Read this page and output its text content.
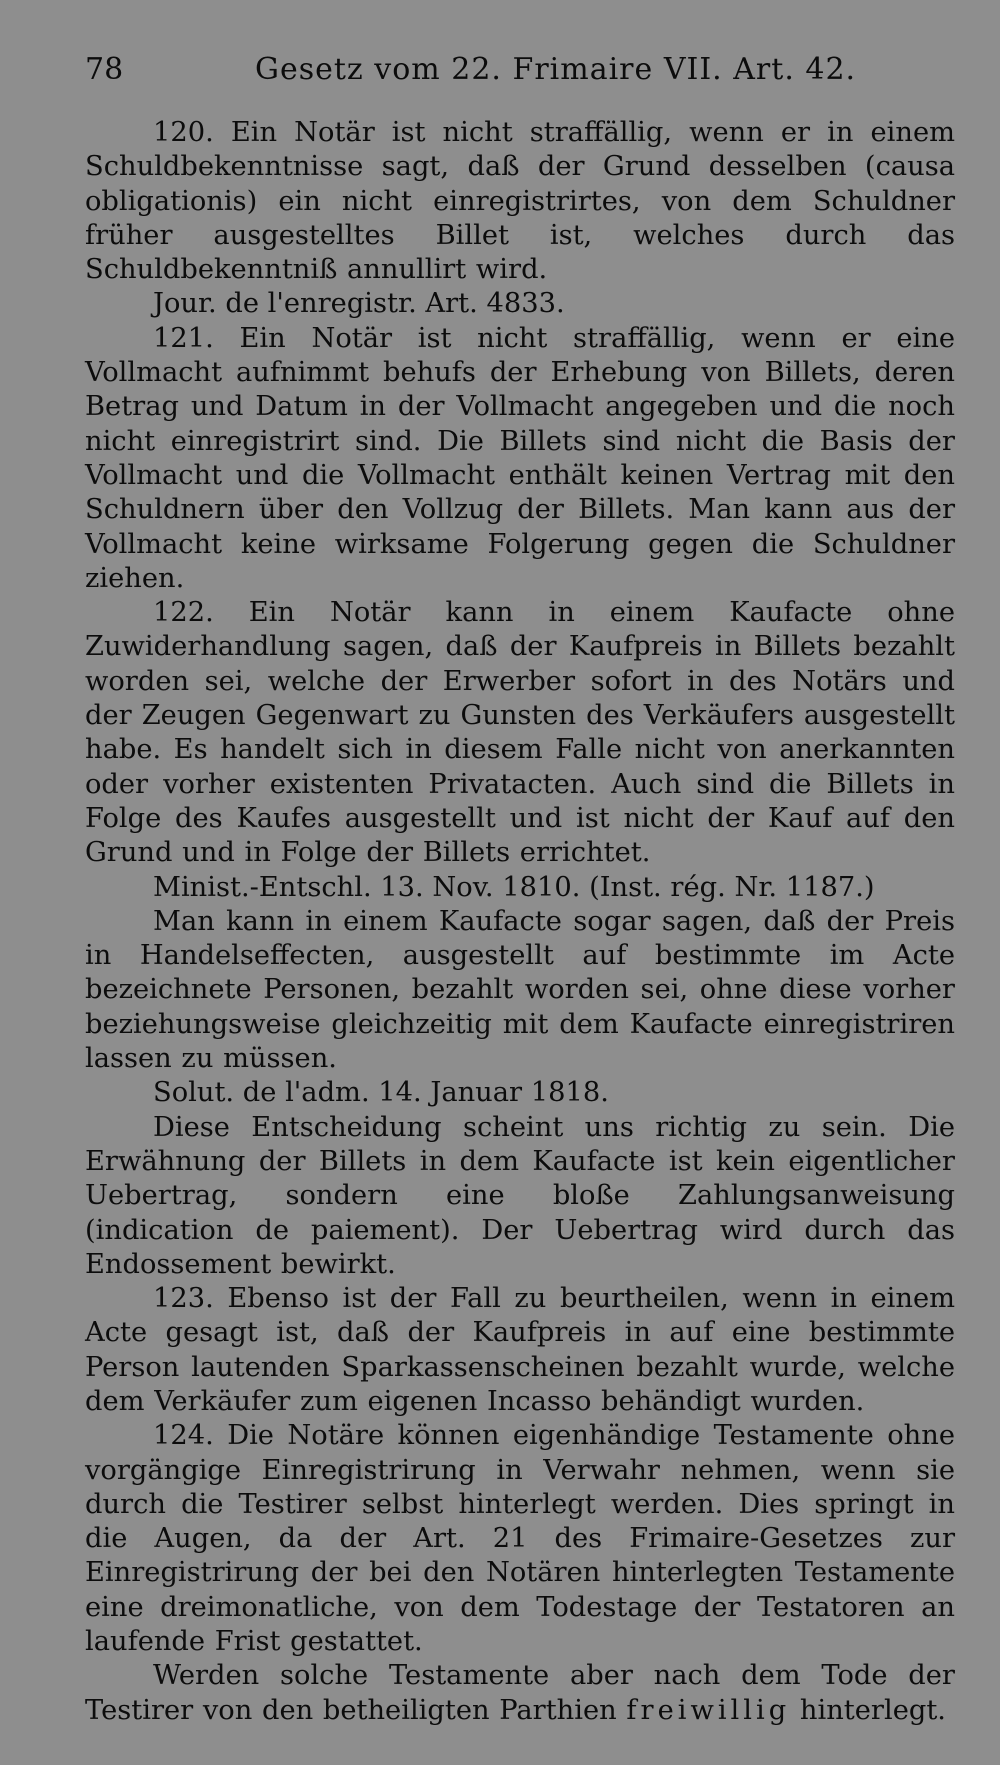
78	Gesetz vom 22. Frimaire VII. Art. 42.

120. Ein Notär ist nicht straffällig, wenn er in einem Schuldbekenntnisse sagt, daß der Grund desselben (causa obligationis) ein nicht einregistrirtes, von dem Schuldner früher ausgestelltes Billet ist, welches durch das Schuldbekenntniß annullirt wird.

Jour. de l'enregistr. Art. 4833.

121. Ein Notär ist nicht straffällig, wenn er eine Vollmacht aufnimmt behufs der Erhebung von Billets, deren Betrag und Datum in der Vollmacht angegeben und die noch nicht einregistrirt sind. Die Billets sind nicht die Basis der Vollmacht und die Vollmacht enthält keinen Vertrag mit den Schuldnern über den Vollzug der Billets. Man kann aus der Vollmacht keine wirksame Folgerung gegen die Schuldner ziehen.

122. Ein Notär kann in einem Kaufacte ohne Zuwiderhandlung sagen, daß der Kaufpreis in Billets bezahlt worden sei, welche der Erwerber sofort in des Notärs und der Zeugen Gegenwart zu Gunsten des Verkäufers ausgestellt habe. Es handelt sich in diesem Falle nicht von anerkannten oder vorher existenten Privatacten. Auch sind die Billets in Folge des Kaufes ausgestellt und ist nicht der Kauf auf den Grund und in Folge der Billets errichtet.

Minist.-Entschl. 13. Nov. 1810. (Inst. rég. Nr. 1187.)

Man kann in einem Kaufacte sogar sagen, daß der Preis in Handelseffecten, ausgestellt auf bestimmte im Acte bezeichnete Personen, bezahlt worden sei, ohne diese vorher beziehungsweise gleichzeitig mit dem Kaufacte einregistriren lassen zu müssen.

Solut. de l'adm. 14. Januar 1818.

Diese Entscheidung scheint uns richtig zu sein. Die Erwähnung der Billets in dem Kaufacte ist kein eigentlicher Uebertrag, sondern eine bloße Zahlungsanweisung (indication de paiement). Der Uebertrag wird durch das Endossement bewirkt.

123. Ebenso ist der Fall zu beurtheilen, wenn in einem Acte gesagt ist, daß der Kaufpreis in auf eine bestimmte Person lautenden Sparkassenscheinen bezahlt wurde, welche dem Verkäufer zum eigenen Incasso behändigt wurden.

124. Die Notäre können eigenhändige Testamente ohne vorgängige Einregistrirung in Verwahr nehmen, wenn sie durch die Testirer selbst hinterlegt werden. Dies springt in die Augen, da der Art. 21 des Frimaire-Gesetzes zur Einregistrirung der bei den Notären hinterlegten Testamente eine dreimonatliche, von dem Todestage der Testatoren an laufende Frist gestattet.

Werden solche Testamente aber nach dem Tode der Testirer von den betheiligten Parthien freiwillig hinterlegt.
